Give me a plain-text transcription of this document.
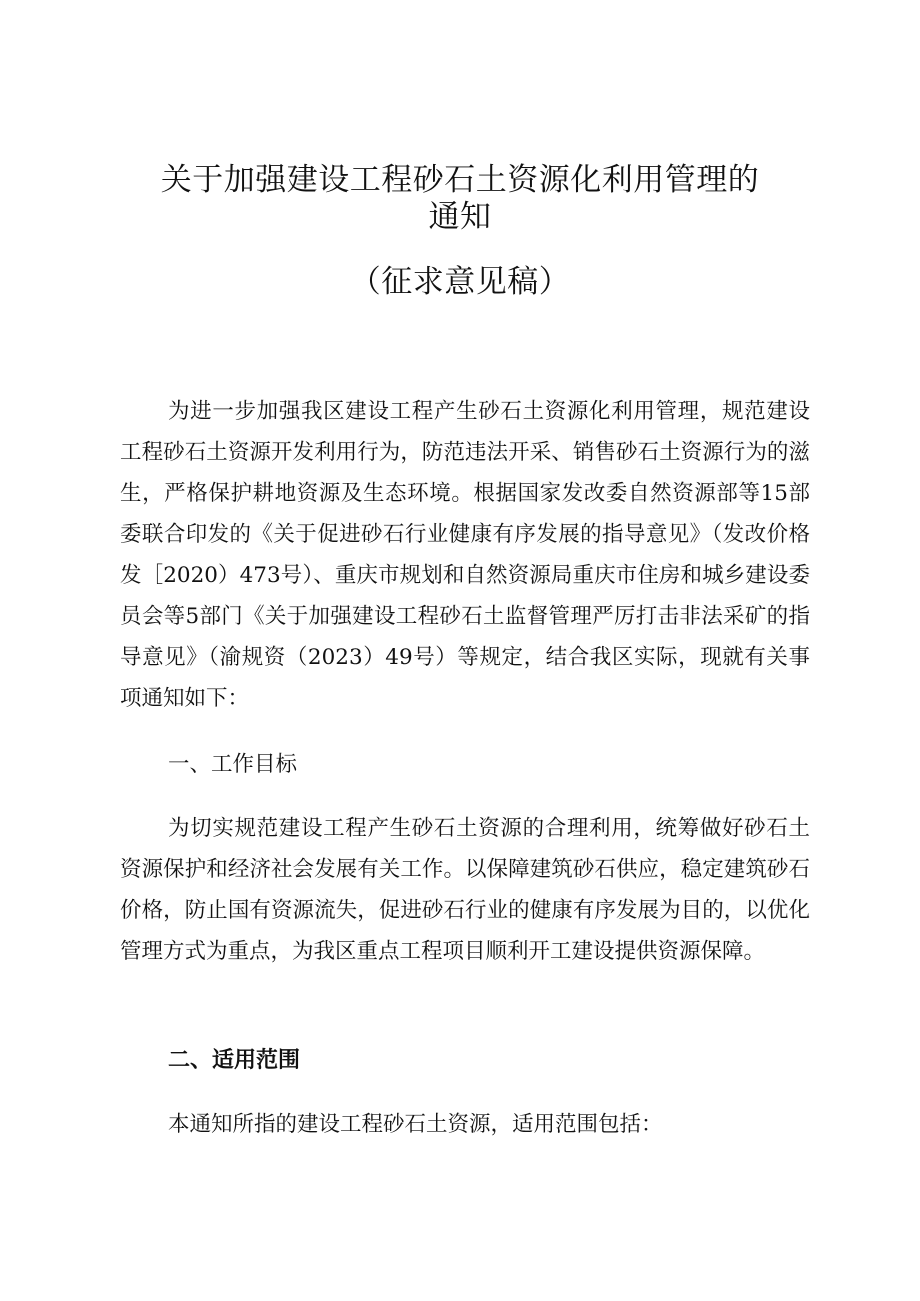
关于加强建设工程砂石土资源化利用管理的
通知
（征求意见稿）

为进一步加强我区建设工程产生砂石土资源化利用管理，规范建设工程砂石土资源开发利用行为，防范违法开采、销售砂石土资源行为的滋生，严格保护耕地资源及生态环境。根据国家发改委自然资源部等15部委联合印发的《关于促进砂石行业健康有序发展的指导意见》（发改价格发［2020）473号）、重庆市规划和自然资源局重庆市住房和城乡建设委员会等5部门《关于加强建设工程砂石土监督管理严厉打击非法采矿的指导意见》（渝规资（2023）49号）等规定，结合我区实际，现就有关事项通知如下：

一、工作目标

为切实规范建设工程产生砂石土资源的合理利用，统筹做好砂石土资源保护和经济社会发展有关工作。以保障建筑砂石供应，稳定建筑砂石价格，防止国有资源流失，促进砂石行业的健康有序发展为目的，以优化管理方式为重点，为我区重点工程项目顺利开工建设提供资源保障。

二、适用范围

本通知所指的建设工程砂石土资源，适用范围包括：
